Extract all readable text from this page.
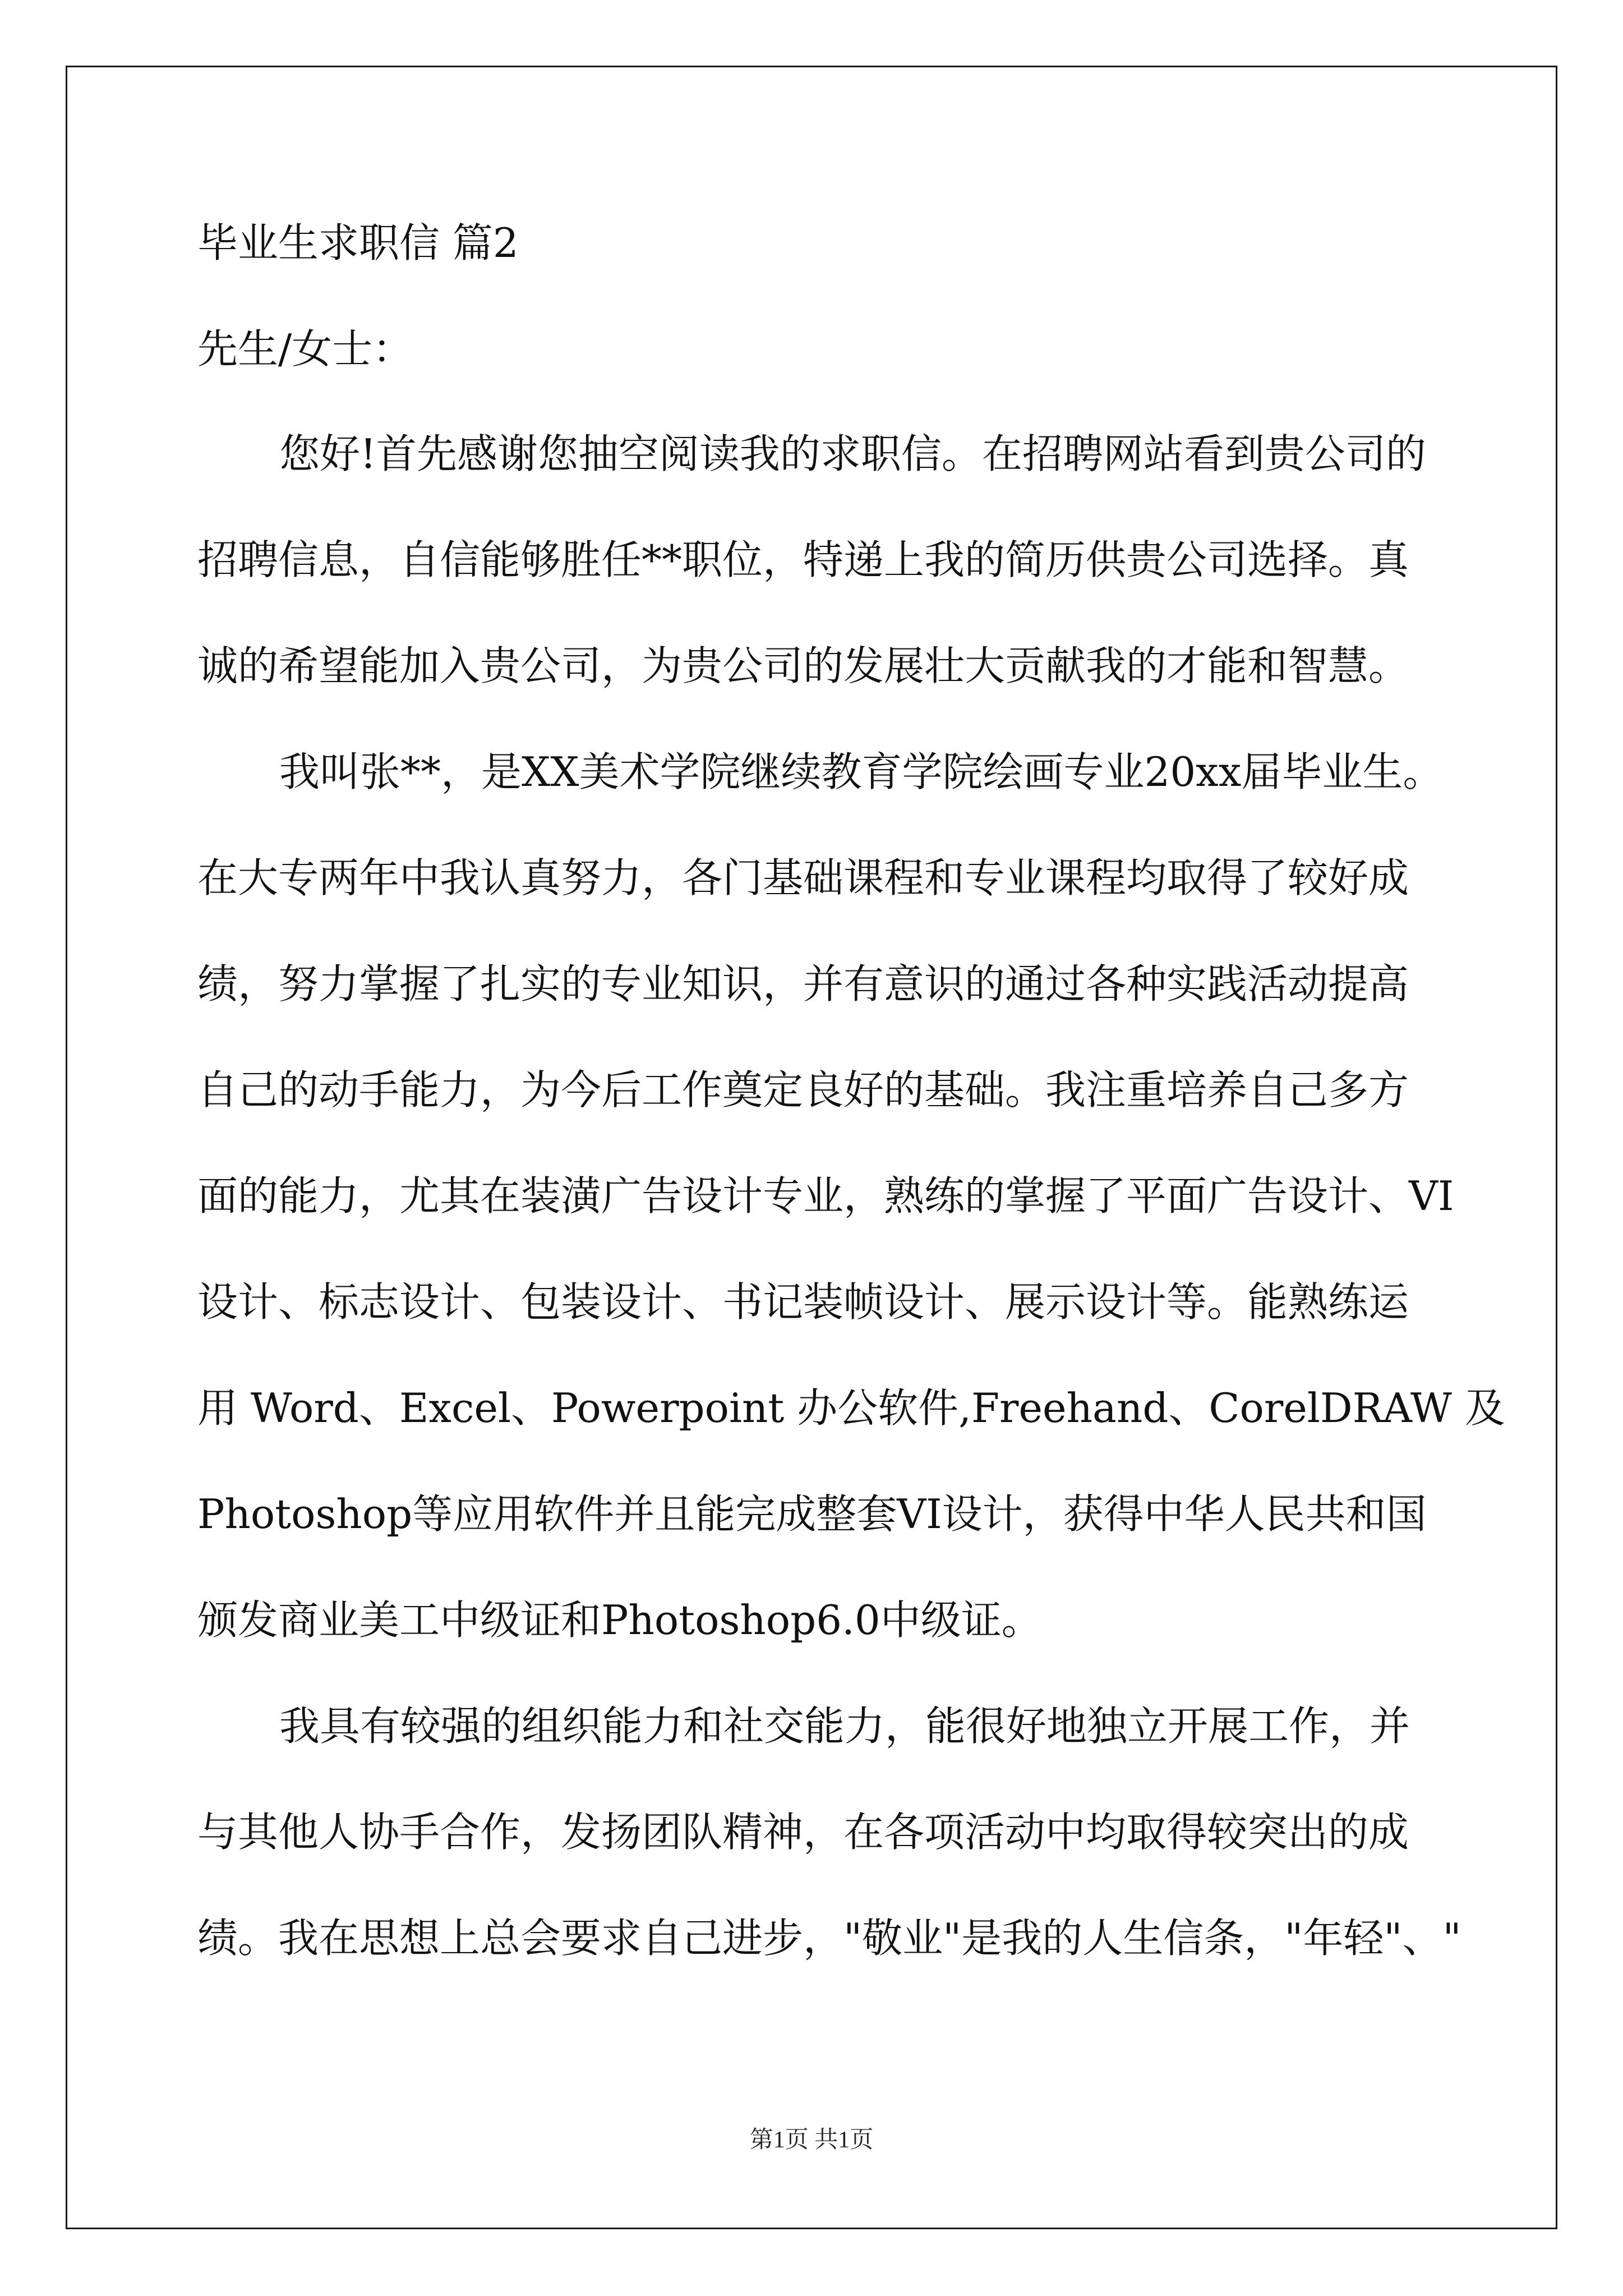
毕业生求职信 篇2
先生/女士：
您好!首先感谢您抽空阅读我的求职信。在招聘网站看到贵公司的
招聘信息，自信能够胜任**职位，特递上我的简历供贵公司选择。真
诚的希望能加入贵公司，为贵公司的发展壮大贡献我的才能和智慧。
我叫张**，是XX美术学院继续教育学院绘画专业20xx届毕业生。
在大专两年中我认真努力，各门基础课程和专业课程均取得了较好成
绩，努力掌握了扎实的专业知识，并有意识的通过各种实践活动提高
自己的动手能力，为今后工作奠定良好的基础。我注重培养自己多方
面的能力，尤其在装潢广告设计专业，熟练的掌握了平面广告设计、VI
设计、标志设计、包装设计、书记装帧设计、展示设计等。能熟练运
用 Word、Excel、Powerpoint 办公软件,Freehand、CorelDRAW 及
Photoshop等应用软件并且能完成整套VI设计，获得中华人民共和国
颁发商业美工中级证和Photoshop6.0中级证。
我具有较强的组织能力和社交能力，能很好地独立开展工作，并
与其他人协手合作，发扬团队精神，在各项活动中均取得较突出的成
绩。我在思想上总会要求自己进步，"敬业"是我的人生信条，"年轻"、"
第1页 共1页
